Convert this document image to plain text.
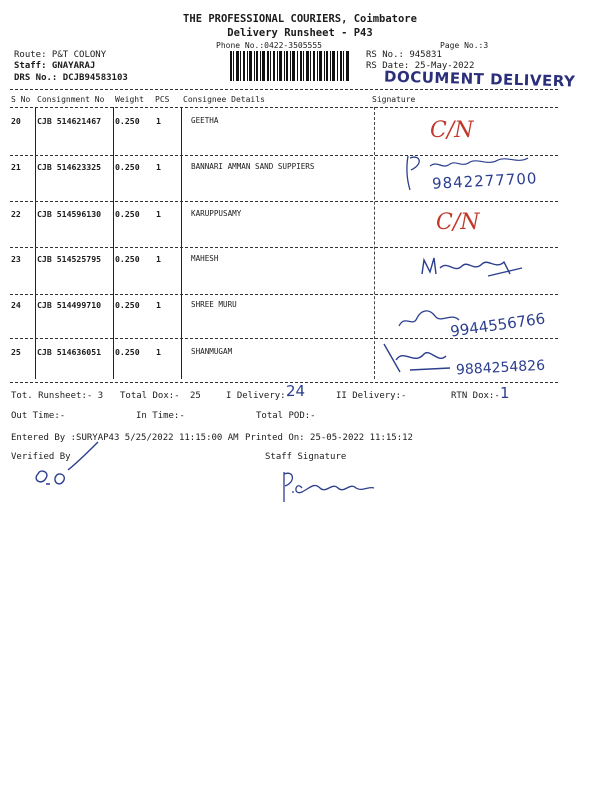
THE PROFESSIONAL COURIERS, Coimbatore
Delivery Runsheet - P43
Phone No.:0422-3505555	Page No.:3
Route: P&T COLONY
Staff: GNAYARAJ
DRS No.: DCJB94583103
RS No.: 945831
RS Date: 25-May-2022
DOCUMENT DELIVERY
S No Consignment No Weight PCS Consignee Details	Signature
20 CJB 514621467 0.250 1	GEETHA
21 CJB 514623325 0.250 1	BANNARI AMMAN SAND SUPPIERS
22 CJB 514596130 0.250 1	KARUPPUSAMY
23 CJB 514525795 0.250 1	MAHESH
24 CJB 514499710 0.250 1	SHREE MURU
25 CJB 514636051 0.250 1	SHANMUGAM
C/N
9842277700
C/N
9944556766
9884254826
Tot. Runsheet:- 3 Total Dox:- 25	I Delivery:-
24	II Delivery:-	RTN Dox:- 1
Out Time:-	In Time:-	Total POD:-
Entered By :SURYAP43 5/25/2022 11:15:00 AM Printed On: 25-05-2022 11:15:12
Verified By	Staff Signature
